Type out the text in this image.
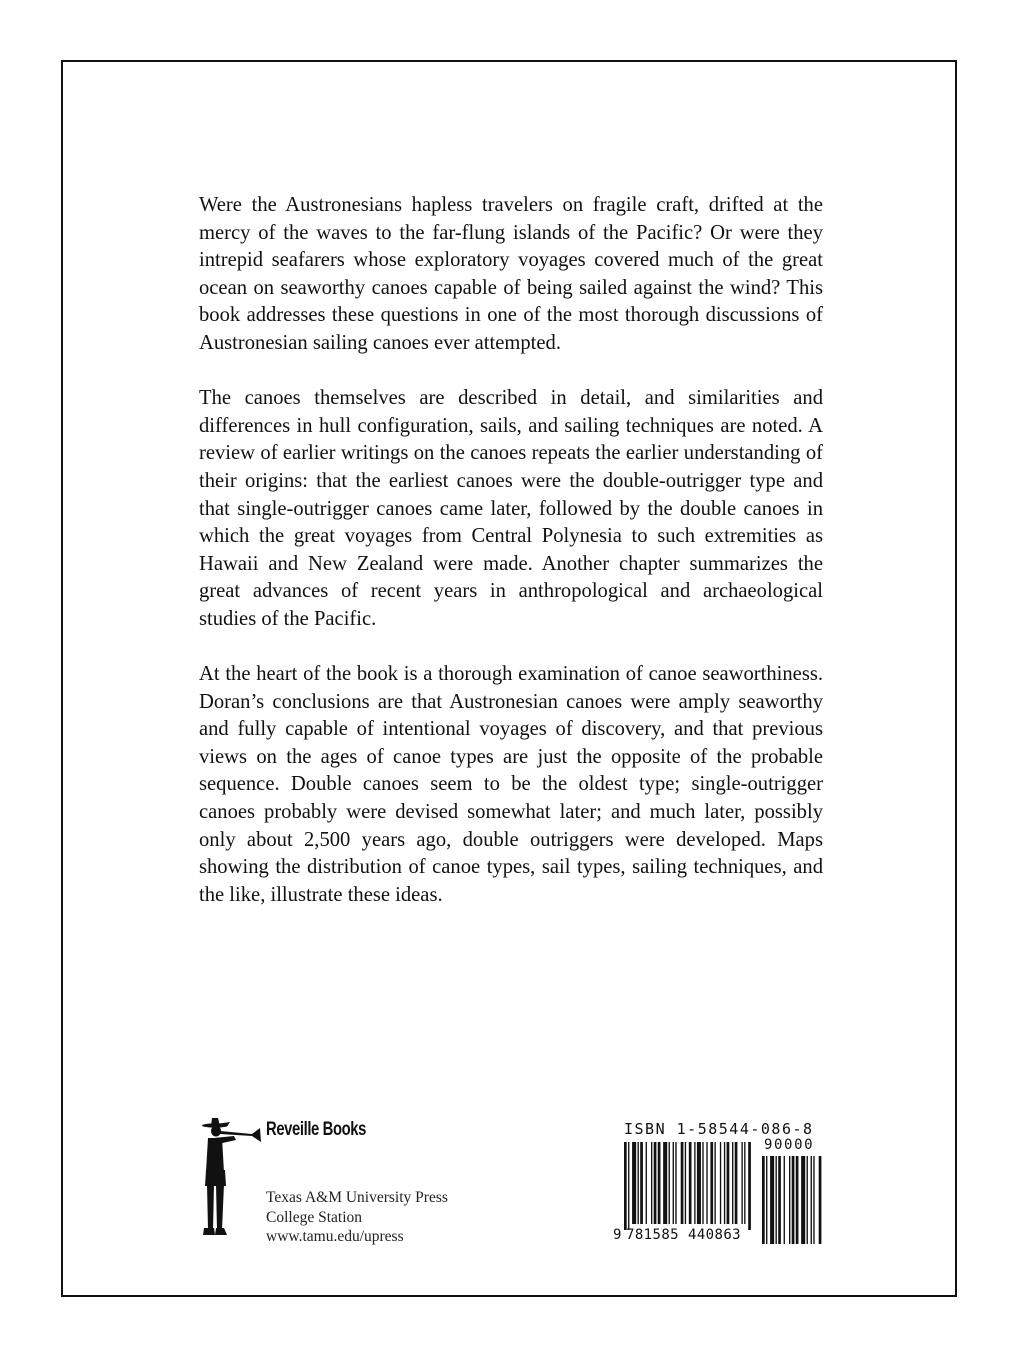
Were the Austronesians hapless travelers on fragile craft, drifted at the mercy of the waves to the far-flung islands of the Pacific? Or were they intrepid seafarers whose exploratory voyages covered much of the great ocean on seaworthy canoes capable of being sailed against the wind? This book addresses these questions in one of the most thorough discussions of Austronesian sailing canoes ever attempted.

The canoes themselves are described in detail, and similarities and differences in hull configuration, sails, and sailing techniques are noted. A review of earlier writings on the canoes repeats the earlier understanding of their origins: that the earliest canoes were the double-outrigger type and that single-outrigger canoes came later, followed by the double canoes in which the great voyages from Central Polynesia to such extremities as Hawaii and New Zealand were made. Another chapter summarizes the great advances of recent years in anthropological and archaeological studies of the Pacific.

At the heart of the book is a thorough examination of canoe seaworthiness. Doran’s conclusions are that Austronesian canoes were amply seaworthy and fully capable of intentional voyages of discovery, and that previous views on the ages of canoe types are just the opposite of the probable sequence. Double canoes seem to be the oldest type; single-outrigger canoes probably were devised somewhat later; and much later, possibly only about 2,500 years ago, double outriggers were developed. Maps showing the distribution of canoe types, sail types, sailing techniques, and the like, illustrate these ideas.

Reveille Books
Texas A&M University Press
College Station
www.tamu.edu/upress
ISBN 1-58544-086-8
90000
9 781585 440863
